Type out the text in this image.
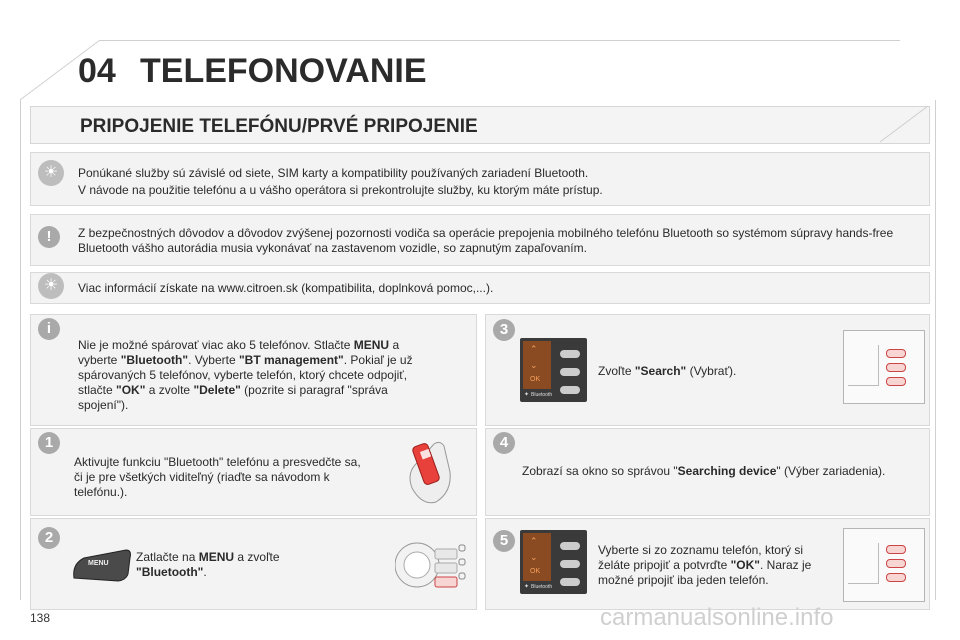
04 TELEFONOVANIE
PRIPOJENIE TELEFÓNU/PRVÉ PRIPOJENIE
☀
Ponúkané služby sú závislé od siete, SIM karty a kompatibility používaných zariadení Bluetooth.
V návode na použitie telefónu a u vášho operátora si prekontrolujte služby, ku ktorým máte prístup.
!	Z bezpečnostných dôvodov a dôvodov zvýšenej pozornosti vodiča sa operácie prepojenia mobilného telefónu Bluetooth so systémom súpravy hands-free Bluetooth vášho autorádia musia vykonávať na zastavenom vozidle, so zapnutým zapaľovaním.
☀
Viac informácií získate na www.citroen.sk (kompatibilita, doplnková pomoc,...).
i
Nie je možné spárovať viac ako 5 telefónov. Stlačte MENU a vyberte "Bluetooth". Vyberte "BT management". Pokiaľ je už spárovaných 5 telefónov, vyberte telefón, ktorý chcete odpojiť, stlačte "OK" a zvolte "Delete" (pozrite si paragraf "správa spojení").
1
Aktivujte funkciu "Bluetooth" telefónu a presvedčte sa, či je pre všetkých viditeľný (riaďte sa návodom k telefónu.).
2
MENU Zatlačte na MENU a zvoľte "Bluetooth".
3
⌃
⌄
OK
✦ Bluetooth
Zvoľte "Search" (Vybrať).
4
Zobrazí sa okno so správou "Searching device" (Výber zariadenia).
5	⌃
⌄
OK
✦ Bluetooth
Vyberte si zo zoznamu telefón, ktorý si želáte pripojiť a potvrďte "OK". Naraz je možné pripojiť iba jeden telefón.
138	carmanualsonline.info
